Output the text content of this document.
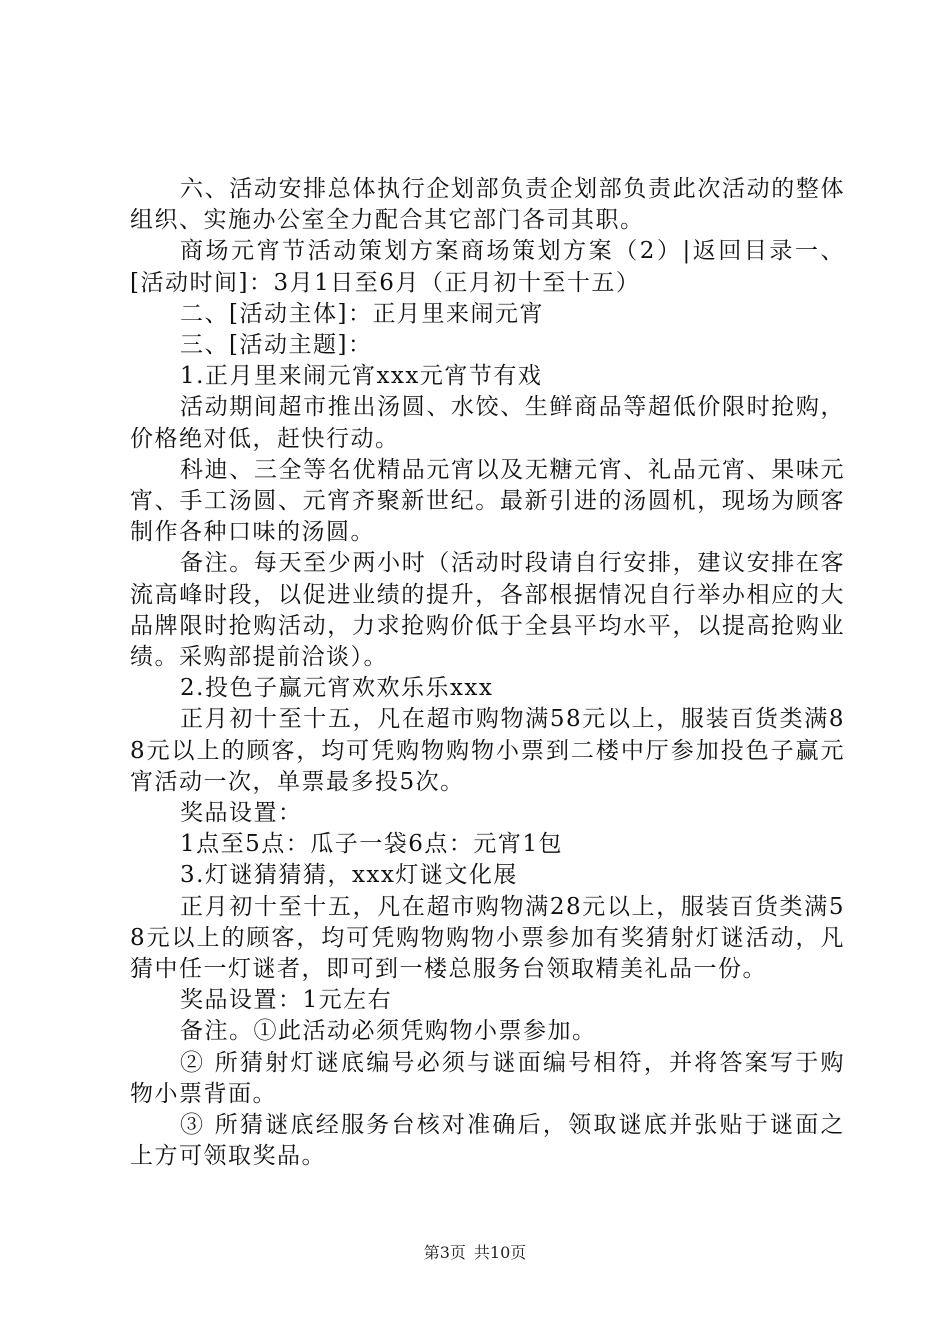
六、活动安排总体执行企划部负责企划部负责此次活动的整体组织、实施办公室全力配合其它部门各司其职。

商场元宵节活动策划方案商场策划方案（2）|返回目录一、[活动时间]：3月1日至6月（正月初十至十五）

二、[活动主体]：正月里来闹元宵

三、[活动主题]：

1.正月里来闹元宵xxx元宵节有戏

活动期间超市推出汤圆、水饺、生鲜商品等超低价限时抢购，价格绝对低，赶快行动。

科迪、三全等名优精品元宵以及无糖元宵、礼品元宵、果味元宵、手工汤圆、元宵齐聚新世纪。最新引进的汤圆机，现场为顾客制作各种口味的汤圆。

备注。每天至少两小时（活动时段请自行安排，建议安排在客流高峰时段，以促进业绩的提升，各部根据情况自行举办相应的大品牌限时抢购活动，力求抢购价低于全县平均水平，以提高抢购业绩。采购部提前洽谈）。

2.投色子赢元宵欢欢乐乐xxx

正月初十至十五，凡在超市购物满58元以上，服装百货类满88元以上的顾客，均可凭购物购物小票到二楼中厅参加投色子赢元宵活动一次，单票最多投5次。

奖品设置：

1点至5点：瓜子一袋6点：元宵1包

3.灯谜猜猜猜，xxx灯谜文化展

正月初十至十五，凡在超市购物满28元以上，服装百货类满58元以上的顾客，均可凭购物购物小票参加有奖猜射灯谜活动，凡猜中任一灯谜者，即可到一楼总服务台领取精美礼品一份。

奖品设置：1元左右

备注。①此活动必须凭购物小票参加。

② 所猜射灯谜底编号必须与谜面编号相符，并将答案写于购物小票背面。

③ 所猜谜底经服务台核对准确后，领取谜底并张贴于谜面之上方可领取奖品。

第3页 共10页
